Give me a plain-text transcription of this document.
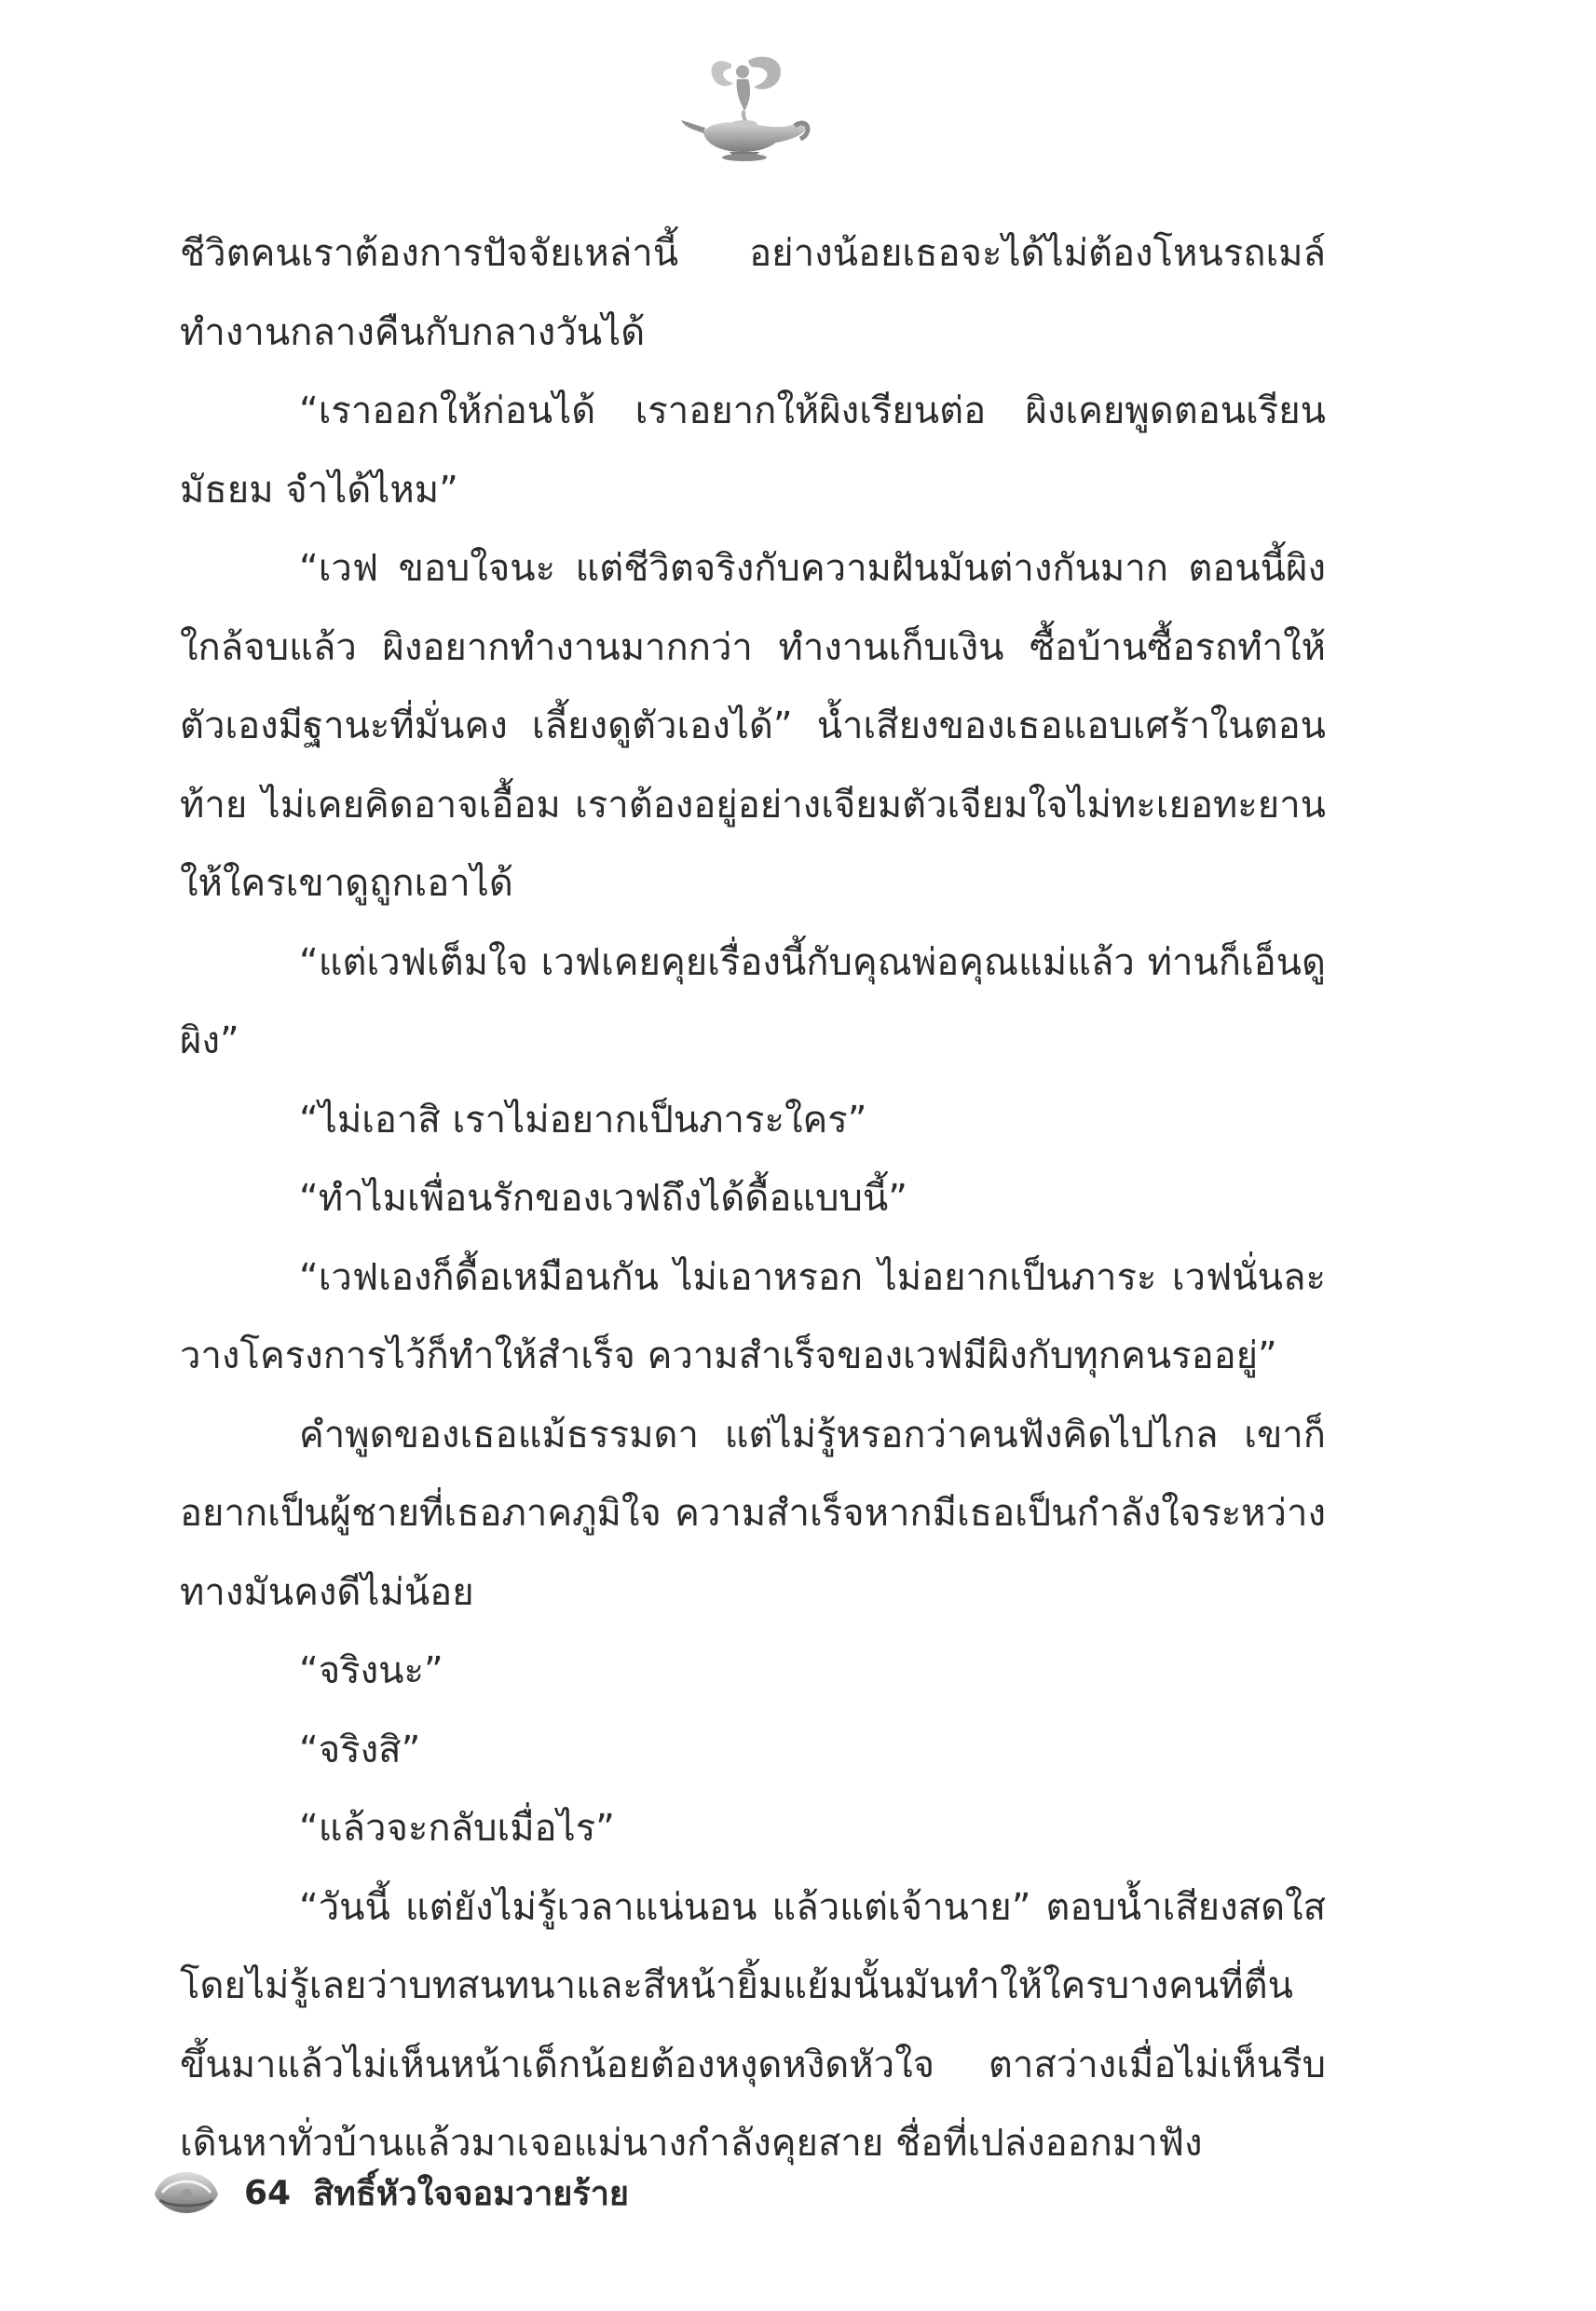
ชีวิตคนเราต้องการปัจจัยเหล่านี้ อย่างน้อยเธอจะได้ไม่ต้องโหนรถเมล์ทำงานกลางคืนกับกลางวันได้

“เราออกให้ก่อนได้ เราอยากให้ผิงเรียนต่อ ผิงเคยพูดตอนเรียนมัธยม จำได้ไหม”

“เวฟ ขอบใจนะ แต่ชีวิตจริงกับความฝันมันต่างกันมาก ตอนนี้ผิงใกล้จบแล้ว ผิงอยากทำงานมากกว่า ทำงานเก็บเงิน ซื้อบ้านซื้อรถทำให้ตัวเองมีฐานะที่มั่นคง เลี้ยงดูตัวเองได้” น้ำเสียงของเธอแอบเศร้าในตอนท้าย ไม่เคยคิดอาจเอื้อม เราต้องอยู่อย่างเจียมตัวเจียมใจไม่ทะเยอทะยานให้ใครเขาดูถูกเอาได้

“แต่เวฟเต็มใจ เวฟเคยคุยเรื่องนี้กับคุณพ่อคุณแม่แล้ว ท่านก็เอ็นดูผิง”

“ไม่เอาสิ เราไม่อยากเป็นภาระใคร”

“ทำไมเพื่อนรักของเวฟถึงได้ดื้อแบบนี้”

“เวฟเองก็ดื้อเหมือนกัน ไม่เอาหรอก ไม่อยากเป็นภาระ เวฟนั่นละ วางโครงการไว้ก็ทำให้สำเร็จ ความสำเร็จของเวฟมีผิงกับทุกคนรออยู่”

คำพูดของเธอแม้ธรรมดา แต่ไม่รู้หรอกว่าคนฟังคิดไปไกล เขาก็อยากเป็นผู้ชายที่เธอภาคภูมิใจ ความสำเร็จหากมีเธอเป็นกำลังใจระหว่างทางมันคงดีไม่น้อย

“จริงนะ”

“จริงสิ”

“แล้วจะกลับเมื่อไร”

“วันนี้ แต่ยังไม่รู้เวลาแน่นอน แล้วแต่เจ้านาย” ตอบน้ำเสียงสดใสโดยไม่รู้เลยว่าบทสนทนาและสีหน้ายิ้มแย้มนั้นมันทำให้ใครบางคนที่ตื่นขึ้นมาแล้วไม่เห็นหน้าเด็กน้อยต้องหงุดหงิดหัวใจ ตาสว่างเมื่อไม่เห็นรีบเดินหาทั่วบ้านแล้วมาเจอแม่นางกำลังคุยสาย ชื่อที่เปล่งออกมาฟัง

64 สิทธิ์หัวใจจอมวายร้าย
